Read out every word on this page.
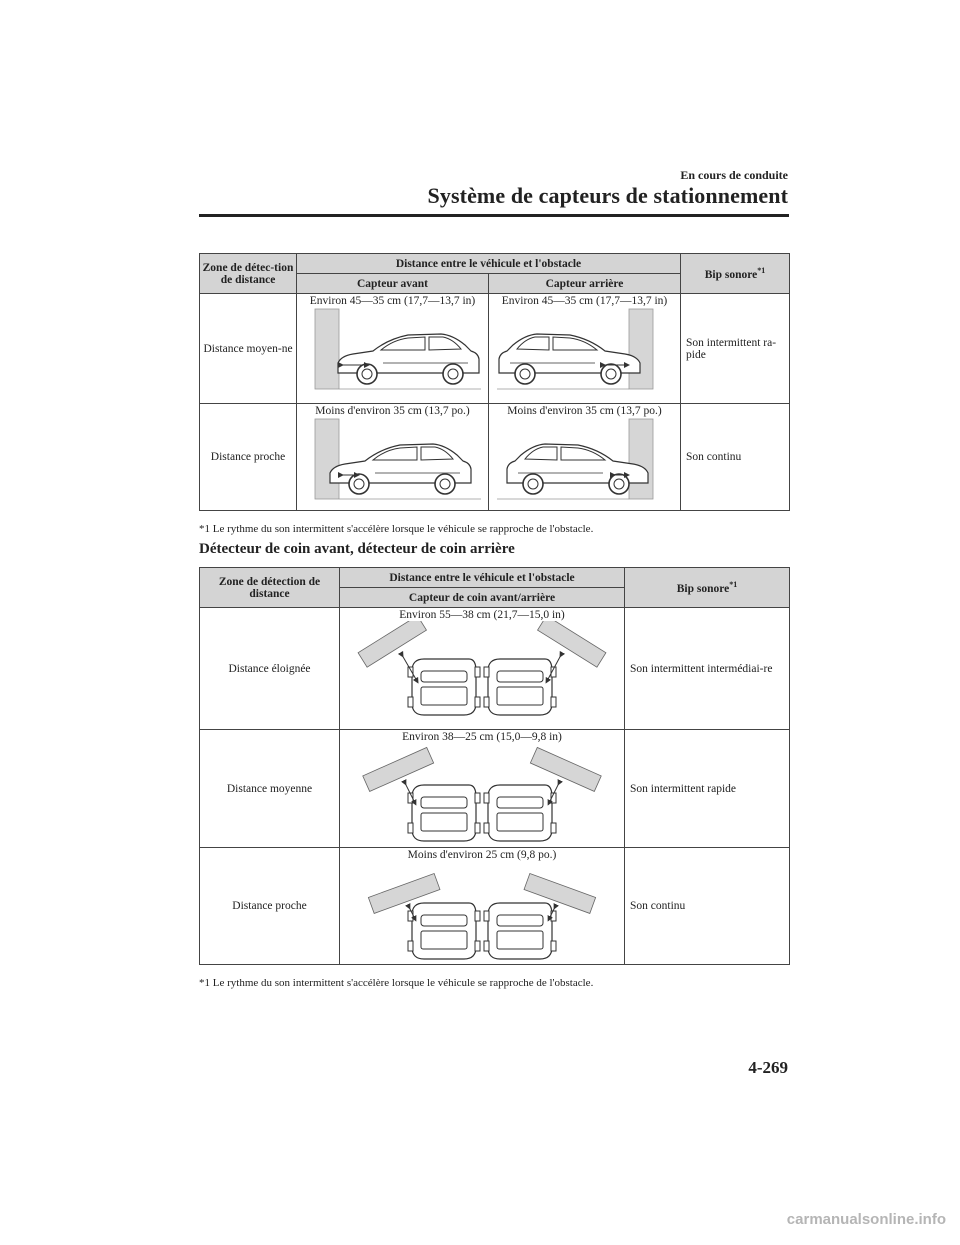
En cours de conduite
Système de capteurs de stationnement
Zone de détec-tion de distance	Distance entre le véhicule et l'obstacle		Bip sonore$^{*1}$
	Capteur avant	Capteur arrière	
Distance moyen-ne	Environ 45―35 cm (17,7―13,7 in)	Environ 45―35 cm (17,7―13,7 in)	Son intermittent ra-pide
Distance proche	Moins d'environ 35 cm (13,7 po.)	Moins d'environ 35 cm (13,7 po.)	Son continu
*1 Le rythme du son intermittent s'accélère lorsque le véhicule se rapproche de l'obstacle.
Détecteur de coin avant, détecteur de coin arrière
Zone de détection de distance	Distance entre le véhicule et l'obstacle	Bip sonore$^{*1}$
	Capteur de coin avant/arrière	
Distance éloignée	Environ 55―38 cm (21,7―15,0 in)	Son intermittent intermédiai-re
Distance moyenne	Environ 38―25 cm (15,0―9,8 in)	Son intermittent rapide
Distance proche	Moins d'environ 25 cm (9,8 po.)	Son continu
*1 Le rythme du son intermittent s'accélère lorsque le véhicule se rapproche de l'obstacle.
4-269
carmanualsonline.info
